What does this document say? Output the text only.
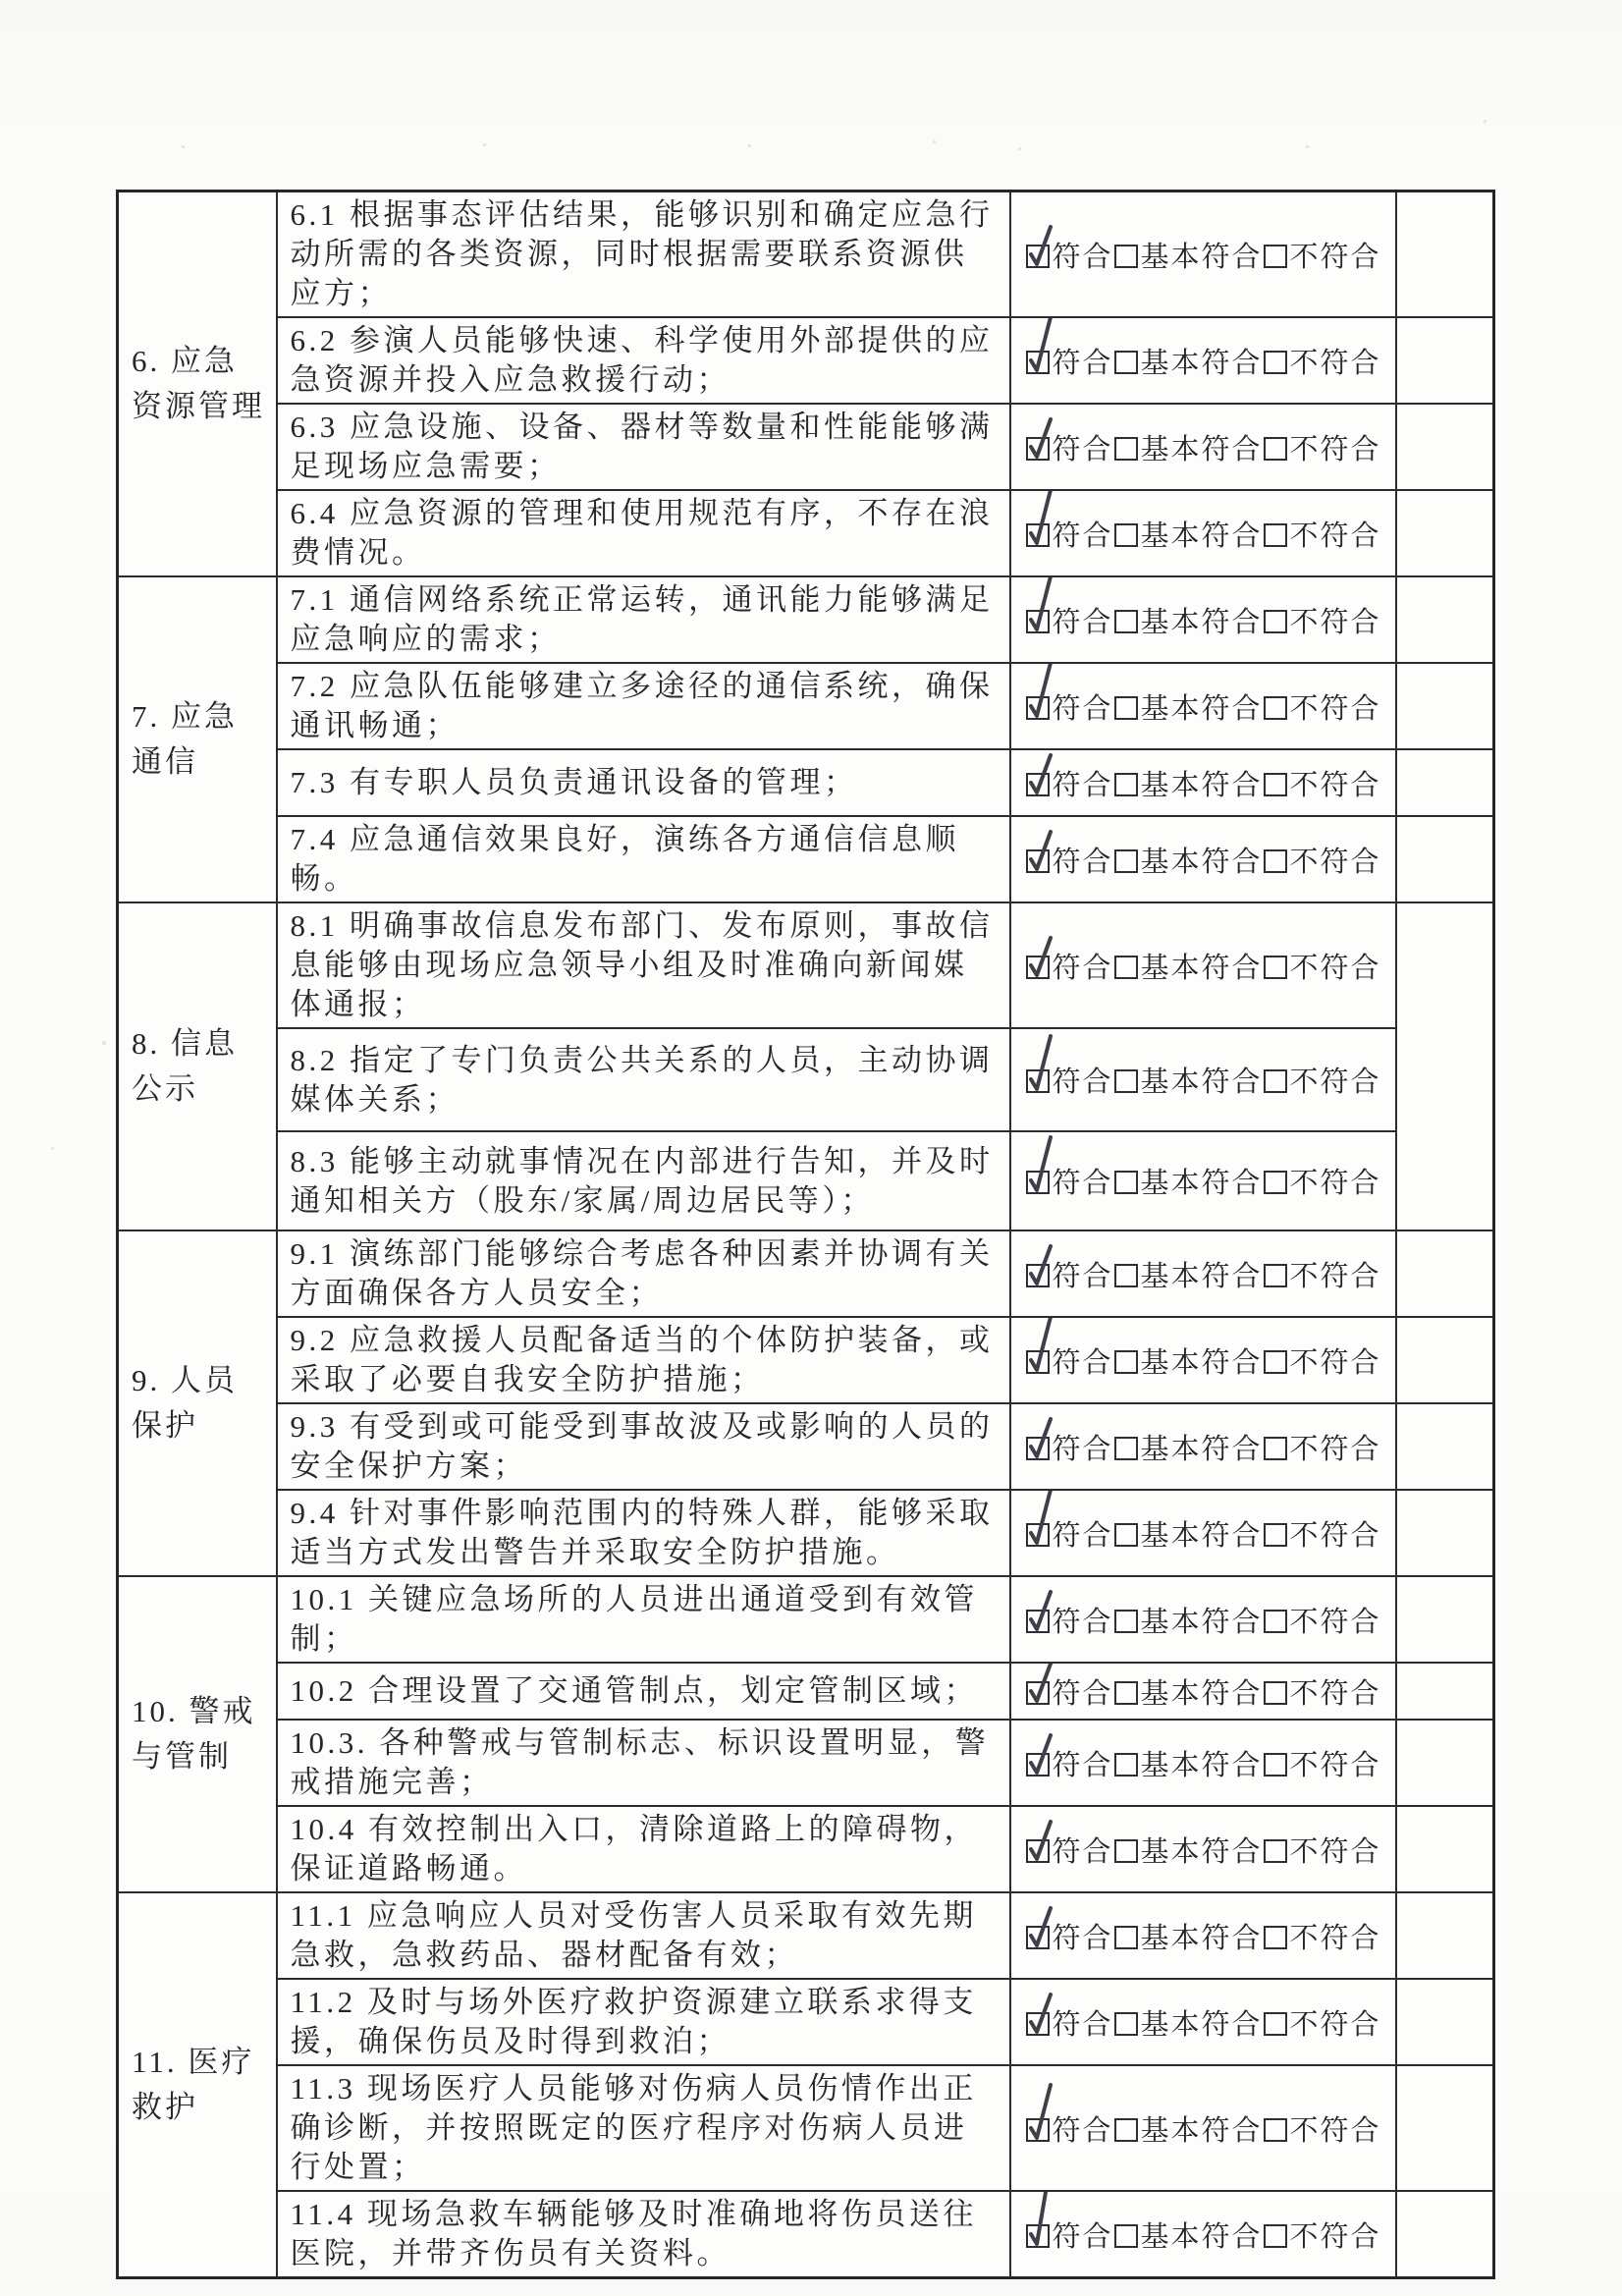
6. 应急资源管理	6.1 根据事态评估结果，能够识别和确定应急行动所需的各类资源，同时根据需要联系资源供应方；	符合 基本符合 不符合	
	6.2 参演人员能够快速、科学使用外部提供的应急资源并投入应急救援行动；	符合 基本符合 不符合	
	6.3 应急设施、设备、器材等数量和性能能够满足现场应急需要；	符合 基本符合 不符合	
	6.4 应急资源的管理和使用规范有序，不存在浪费情况。	符合 基本符合 不符合	
7. 应急通信	7.1 通信网络系统正常运转，通讯能力能够满足应急响应的需求；	符合 基本符合 不符合	
	7.2 应急队伍能够建立多途径的通信系统，确保通讯畅通；	符合 基本符合 不符合	
	7.3 有专职人员负责通讯设备的管理；	符合 基本符合 不符合	
	7.4 应急通信效果良好，演练各方通信信息顺畅。	符合 基本符合 不符合	
8. 信息公示	8.1 明确事故信息发布部门、发布原则，事故信息能够由现场应急领导小组及时准确向新闻媒体通报；	符合 基本符合 不符合	
	8.2 指定了专门负责公共关系的人员，主动协调媒体关系；	符合 基本符合 不符合	
	8.3 能够主动就事情况在内部进行告知，并及时通知相关方（股东/家属/周边居民等）；	符合 基本符合 不符合	
9. 人员保护	9.1 演练部门能够综合考虑各种因素并协调有关方面确保各方人员安全；	符合 基本符合 不符合	
	9.2 应急救援人员配备适当的个体防护装备，或采取了必要自我安全防护措施；	符合 基本符合 不符合	
	9.3 有受到或可能受到事故波及或影响的人员的安全保护方案；	符合 基本符合 不符合	
	9.4 针对事件影响范围内的特殊人群，能够采取适当方式发出警告并采取安全防护措施。	符合 基本符合 不符合	
10. 警戒与管制	10.1 关键应急场所的人员进出通道受到有效管制；	符合 基本符合 不符合	
	10.2 合理设置了交通管制点，划定管制区域；	符合 基本符合 不符合	
	10.3. 各种警戒与管制标志、标识设置明显，警戒措施完善；	符合 基本符合 不符合	
	10.4 有效控制出入口，清除道路上的障碍物，保证道路畅通。	符合 基本符合 不符合	
11. 医疗救护	11.1 应急响应人员对受伤害人员采取有效先期急救，急救药品、器材配备有效；	符合 基本符合 不符合	
	11.2 及时与场外医疗救护资源建立联系求得支援，确保伤员及时得到救泊；	符合 基本符合 不符合	
	11.3 现场医疗人员能够对伤病人员伤情作出正确诊断，并按照既定的医疗程序对伤病人员进行处置；	符合 基本符合 不符合	
	11.4 现场急救车辆能够及时准确地将伤员送往医院，并带齐伤员有关资料。	符合 基本符合 不符合	
